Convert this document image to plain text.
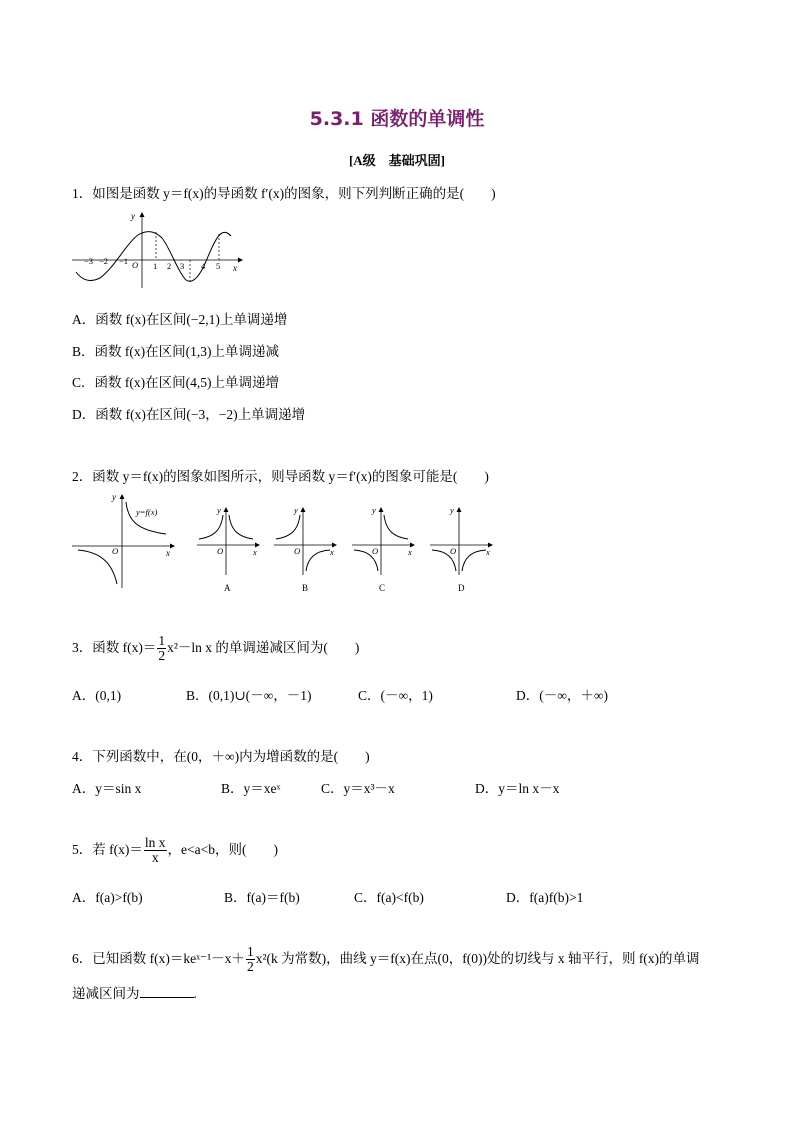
5.3.1 函数的单调性
[A级　基础巩固]
1．如图是函数 y＝f(x)的导函数 f′(x)的图象，则下列判断正确的是(　　)
y
x
O
−3 −2 −1	1 2 3 4 5
A．函数 f(x)在区间(−2,1)上单调递增
B．函数 f(x)在区间(1,3)上单调递减
C．函数 f(x)在区间(4,5)上单调递增
D．函数 f(x)在区间(−3，−2)上单调递增
2．函数 y＝f(x)的图象如图所示，则导函数 y＝f′(x)的图象可能是(　　)
y
x
O
y=f(x)	y
x
O
A
y
x
O
B
y
x
O
C
y
x
O
D
3．函数 $f(x)= \frac{1}{2} x^2-\ln$ x 的单调递减区间为(　　)
A．(0,1)	B．(0,1)∪(－∞，－1)	C．(－∞，1)	D．(－∞，＋∞)
4．下列函数中，在(0，＋∞)内为增函数的是(　　)
A．y＝sin x	B．y＝xeˣ	C．y＝x³－x	D．y＝ln x－x
5．若 $f(x)= \frac{\text{ln x}}{x}$ ，e<a<b，则(　　)
A．f(a)>f(b)	B．f(a)＝f(b)	C．f(a)<f(b)	D．f(a)f(b)>1
6．已知函数 f(x)＝keˣ⁻¹－x＋ $\frac{1}{2} x^2(k$ 为常数)，曲线 y＝f(x)在点(0，f(0))处的切线与 x 轴平行，则 f(x)的单调
递减区间为	.
